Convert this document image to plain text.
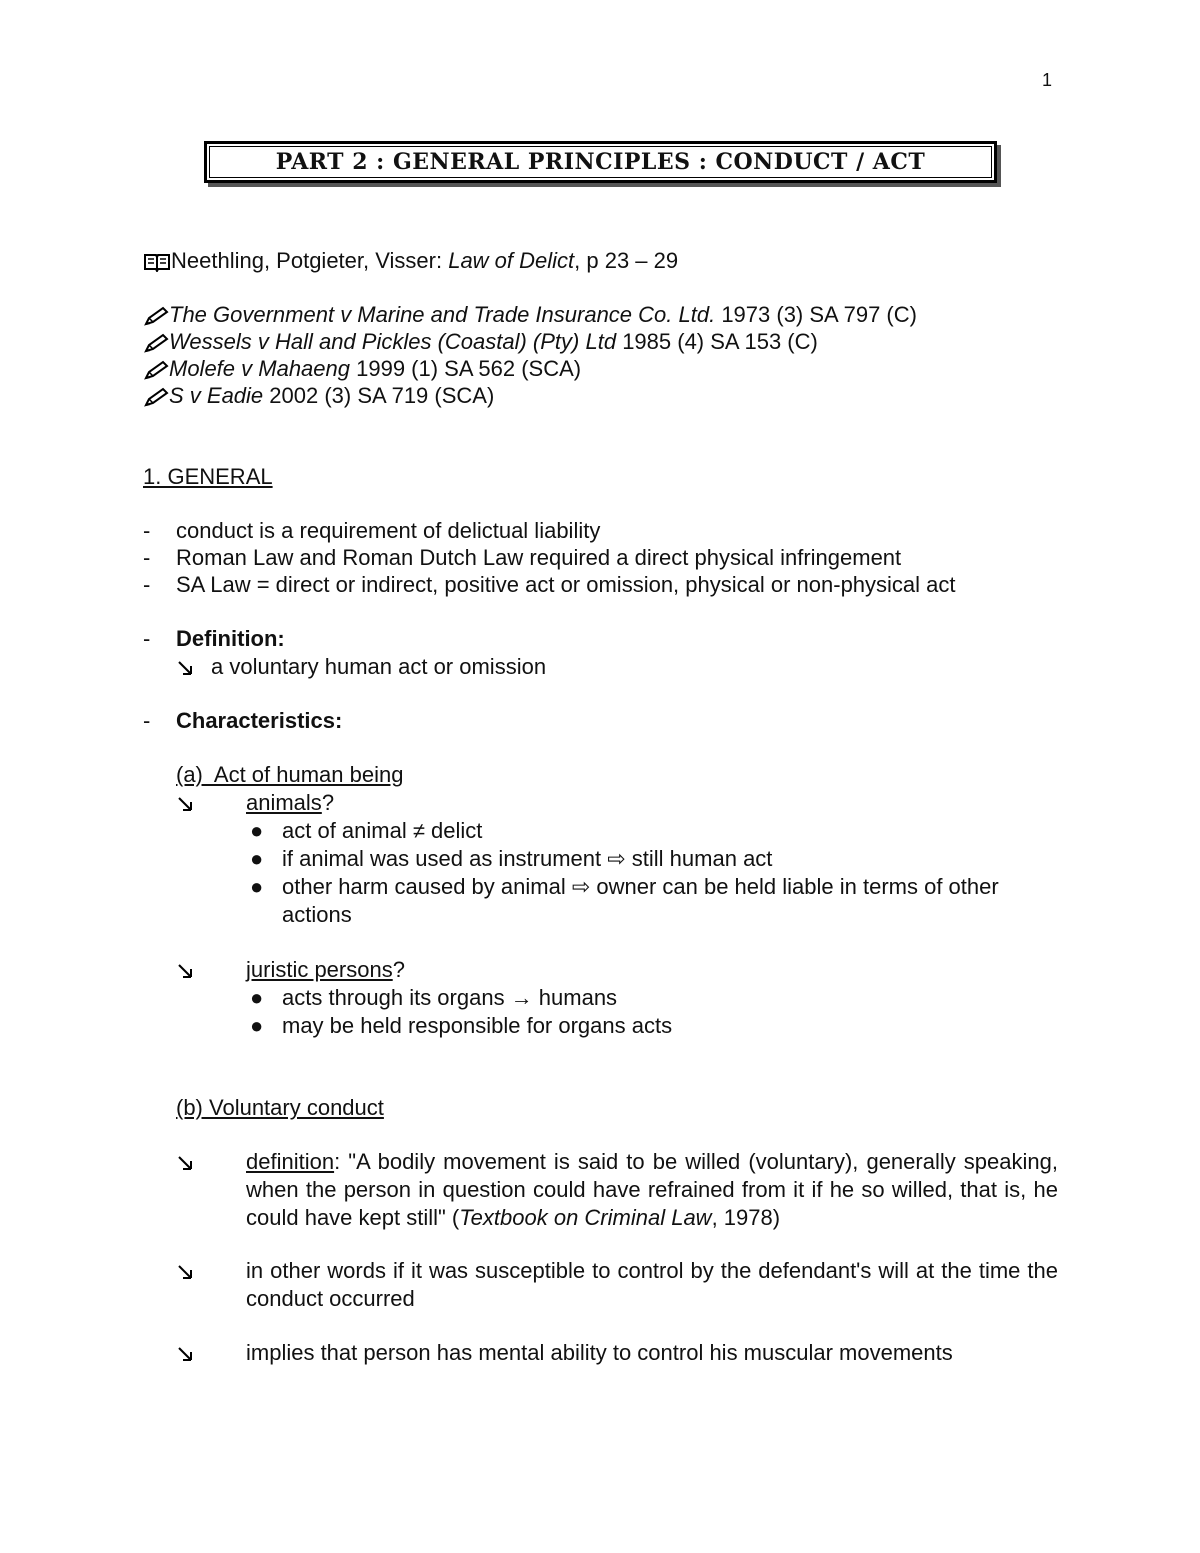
1
PART 2 : GENERAL PRINCIPLES : CONDUCT / ACT
Neethling, Potgieter, Visser: Law of Delict, p 23 – 29
The Government v Marine and Trade Insurance Co. Ltd. 1973 (3) SA 797 (C)
Wessels v Hall and Pickles (Coastal) (Pty) Ltd 1985 (4) SA 153 (C)
Molefe v Mahaeng 1999 (1) SA 562 (SCA)
S v Eadie 2002 (3) SA 719 (SCA)
1. GENERAL
- conduct is a requirement of delictual liability
- Roman Law and Roman Dutch Law required a direct physical infringement
- SA Law = direct or indirect, positive act or omission, physical or non-physical act
- Definition:
a voluntary human act or omission
- Characteristics:
(a)  Act of human being
animals?
● act of animal ≠ delict
● if animal was used as instrument ⇨ still human act
● other harm caused by animal ⇨ owner can be held liable in terms of other
actions
juristic persons?
● acts through its organs → humans
● may be held responsible for organs acts
(b) Voluntary conduct
definition: "A bodily movement is said to be willed (voluntary), generally speaking, when the person in question could have refrained from it if he so willed, that is, he could have kept still" (Textbook on Criminal Law, 1978)
in other words if it was susceptible to control by the defendant's will at the time the conduct occurred
implies that person has mental ability to control his muscular movements
